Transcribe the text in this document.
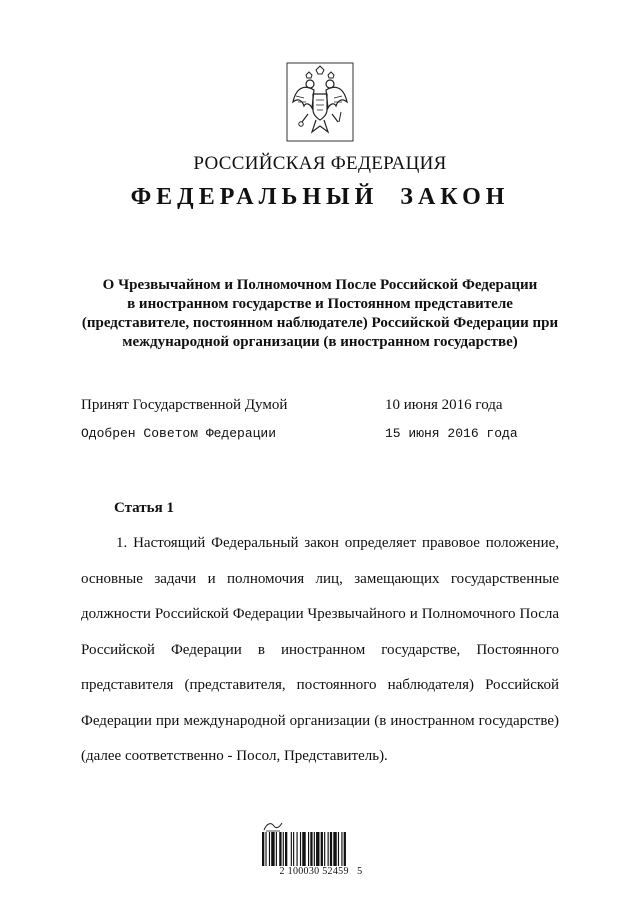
РОССИЙСКАЯ ФЕДЕРАЦИЯ
ФЕДЕРАЛЬНЫЙ  ЗАКОН
О Чрезвычайном и Полномочном После Российской Федерации
в иностранном государстве и Постоянном представителе
(представителе, постоянном наблюдателе) Российской Федерации при
международной организации (в иностранном государстве)
Принят Государственной Думой	10 июня 2016 года
Одобрен Советом Федерации	15 июня 2016 года
Статья 1
1. Настоящий Федеральный закон определяет правовое положение,
основные задачи и полномочия лиц, замещающих государственные
должности Российской Федерации Чрезвычайного и Полномочного Посла
Российской Федерации в иностранном государстве, Постоянного
представителя (представителя, постоянного наблюдателя) Российской
Федерации при международной организации (в иностранном государстве)
(далее соответственно - Посол, Представитель).
2 100030 52459   5
